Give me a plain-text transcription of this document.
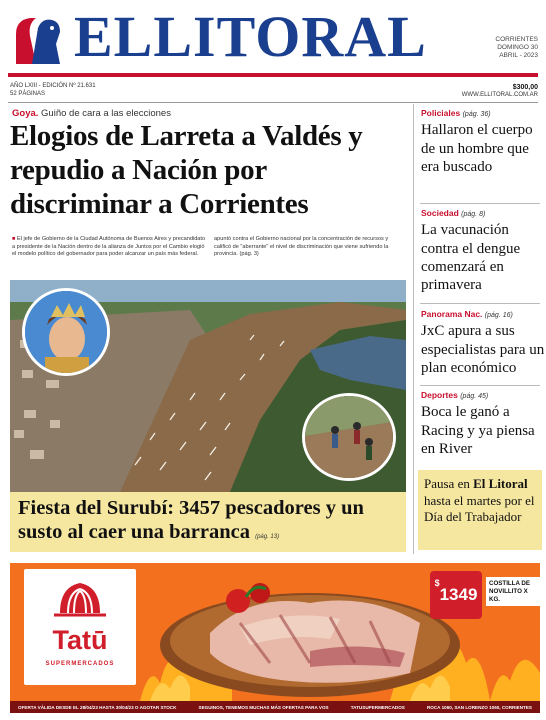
ELLITORAL	CORRIENTES
DOMINGO 30
ABRIL - 2023
AÑO LXIII - EDICIÓN Nº 21.631
52 PÁGINAS
$300,00
WWW.ELLITORAL.COM.AR
Goya. Guiño de cara a las elecciones
Elogios de Larreta a Valdés y repudio a Nación por discriminar a Corrientes
■ El jefe de Gobierno de la Ciudad Autónoma de Buenos Aires y precandidato a presidente de la Nación dentro de la alianza de Juntos por el Cambio elogió el modelo político del gobernador para poder alcanzar un país más federal.
apuntó contra el Gobierno nacional por la concentración de recursos y calificó de "aberrante" el nivel de discriminación que viene sufriendo la provincia. (pág. 3)
Fiesta del Surubí: 3457 pescadores y un susto al caer una barranca (pág. 13)
Policiales (pág. 36)
Hallaron el cuerpo de un hombre que era buscado
Sociedad (pág. 8)
La vacunación contra el dengue comenzará en primavera
Panorama Nac. (pág. 16)
JxC apura a sus especialistas para un plan económico
Deportes (pág. 45)
Boca le ganó a Racing y ya piensa en River
Pausa en El Litoral hasta el martes por el Día del Trabajador
Tatū
SUPERMERCADOS
$1349
COSTILLA DE NOVILLITO X KG.
OFERTA VÁLIDA DESDE EL 28/04/23 HASTA 30/04/23 O AGOTAR STOCK	SEGUINOS, TENEMOS MUCHAS MÁS OFERTAS PARA VOS	TATUSUPERMERCADOS	ROCA 1060, SAN LORENZO 1060, CORRIENTES
